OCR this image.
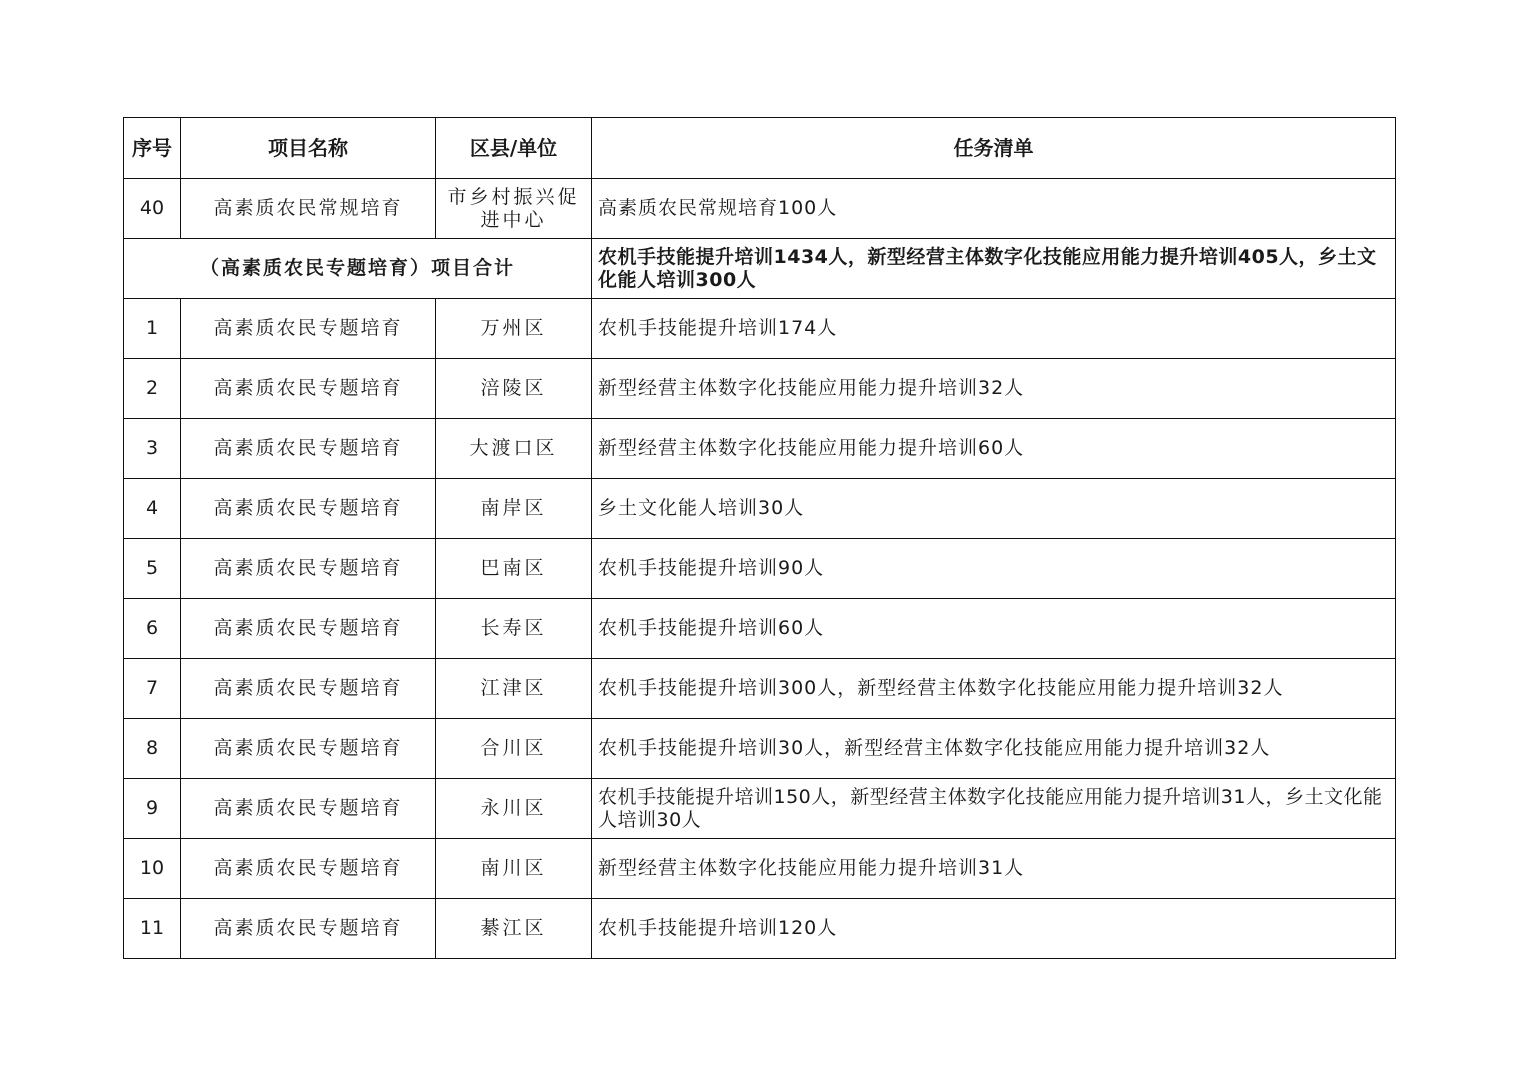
序号	项目名称	区县/单位	任务清单
40	高素质农民常规培育	市乡村振兴促进中心	高素质农民常规培育100人
（高素质农民专题培育）项目合计			农机手技能提升培训1434人，新型经营主体数字化技能应用能力提升培训405人，乡土文化能人培训300人
1	高素质农民专题培育	万州区	农机手技能提升培训174人
2	高素质农民专题培育	涪陵区	新型经营主体数字化技能应用能力提升培训32人
3	高素质农民专题培育	大渡口区	新型经营主体数字化技能应用能力提升培训60人
4	高素质农民专题培育	南岸区	乡土文化能人培训30人
5	高素质农民专题培育	巴南区	农机手技能提升培训90人
6	高素质农民专题培育	长寿区	农机手技能提升培训60人
7	高素质农民专题培育	江津区	农机手技能提升培训300人，新型经营主体数字化技能应用能力提升培训32人
8	高素质农民专题培育	合川区	农机手技能提升培训30人，新型经营主体数字化技能应用能力提升培训32人
9	高素质农民专题培育	永川区	农机手技能提升培训150人，新型经营主体数字化技能应用能力提升培训31人，乡土文化能人培训30人
10	高素质农民专题培育	南川区	新型经营主体数字化技能应用能力提升培训31人
11	高素质农民专题培育	綦江区	农机手技能提升培训120人
